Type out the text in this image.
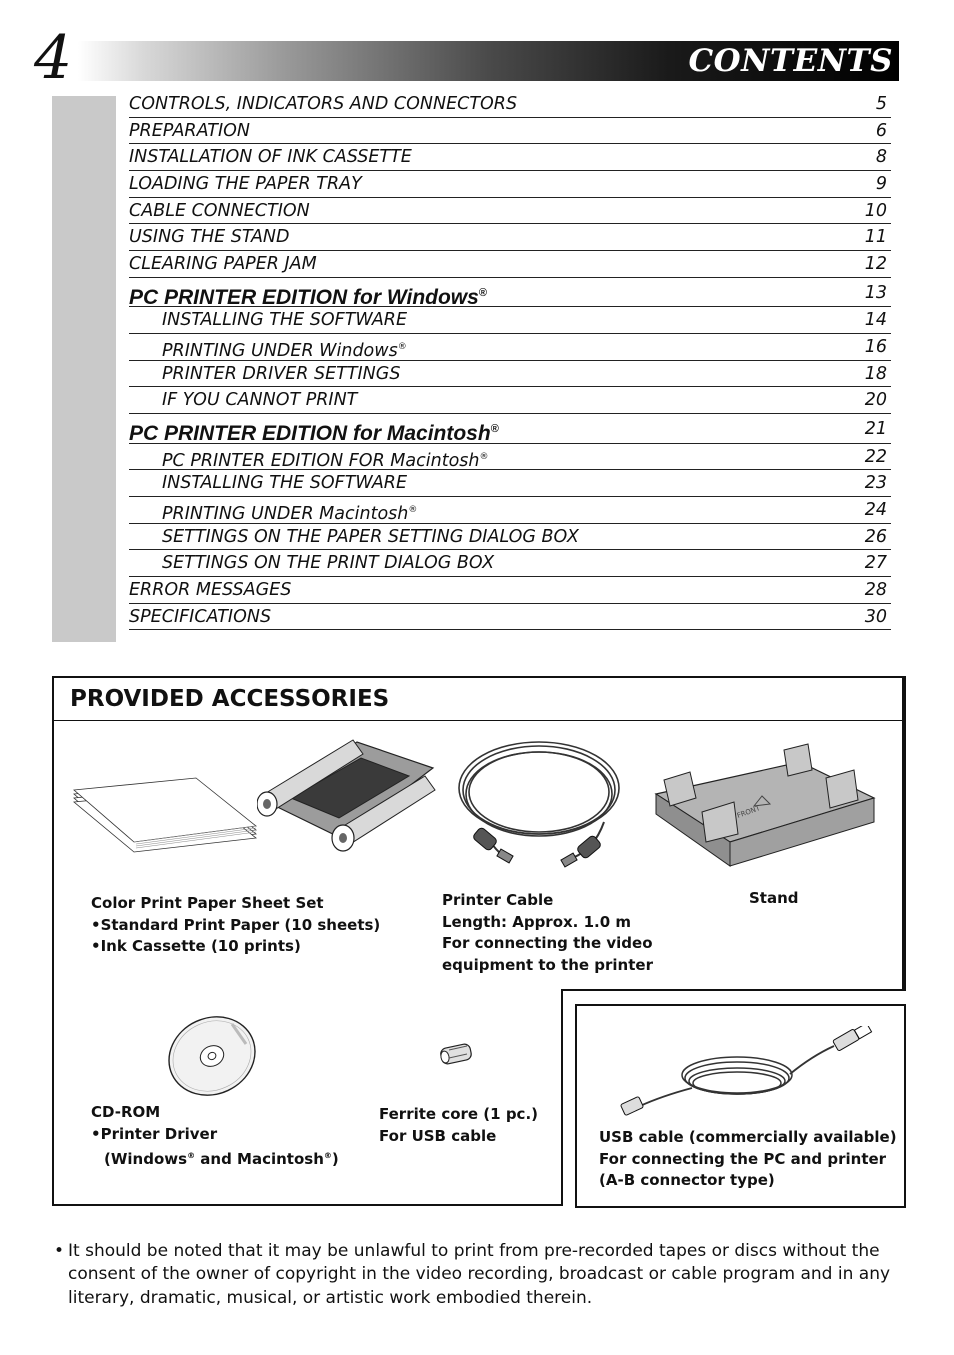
4	CONTENTS
CONTROLS, INDICATORS AND CONNECTORS	5
PREPARATION	6
INSTALLATION OF INK CASSETTE	8
LOADING THE PAPER TRAY	9
CABLE CONNECTION	10
USING THE STAND	11
CLEARING PAPER JAM	12
PC PRINTER EDITION for Windows®	13
INSTALLING THE SOFTWARE	14
PRINTING UNDER Windows®	16
PRINTER DRIVER SETTINGS	18
IF YOU CANNOT PRINT	20
PC PRINTER EDITION for Macintosh®	21
PC PRINTER EDITION FOR Macintosh®	22
INSTALLING THE SOFTWARE	23
PRINTING UNDER Macintosh®	24
SETTINGS ON THE PAPER SETTING DIALOG BOX	26
SETTINGS ON THE PRINT DIALOG BOX	27
ERROR MESSAGES	28
SPECIFICATIONS	30
PROVIDED ACCESSORIES
FRONT
Color Print Paper Sheet Set
•Standard Print Paper (10 sheets)
•Ink Cassette (10 prints)
Printer Cable
Length: Approx. 1.0 m
For connecting the video
equipment to the printer
Stand
CD-ROM
•Printer Driver
(Windows® and Macintosh®)
Ferrite core (1 pc.)
For USB cable	USB cable (commercially available)
For connecting the PC and printer
(A-B connector type)
• It should be noted that it may be unlawful to print from pre-recorded tapes or discs without the consent of the owner of copyright in the video recording, broadcast or cable program and in any literary, dramatic, musical, or artistic work embodied therein.
